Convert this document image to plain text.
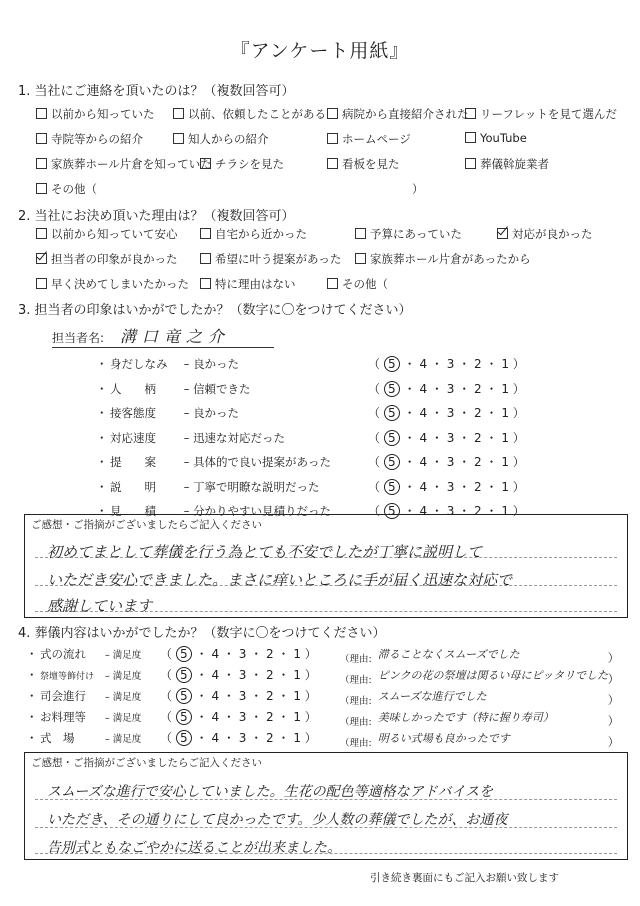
『アンケート用紙』
1. 当社にご連絡を頂いたのは？（複数回答可）
以前から知っていた	以前、依頼したことがある	病院から直接紹介された	リーフレットを見て選んだ
寺院等からの紹介	知人からの紹介	ホームページ	YouTube
家族葬ホール片倉を知っていた チラシを見た	看板を見た	葬儀斡旋業者
その他（	）
2. 当社にお決め頂いた理由は？（複数回答可）
以前から知っていて安心	自宅から近かった	予算にあっていた	対応が良かった
担当者の印象が良かった	希望に叶う提案があった	家族葬ホール片倉があったから
早く決めてしまいたかった	特に理由はない	その他（
3. 担当者の印象はいかがでしたか？（数字に〇をつけてください）
担当者名: 溝口竜之介
・ 身だしなみ – 良かった	（ 5 ・ 4 ・ 3 ・ 2 ・ 1 ）
・ 人　　柄 – 信頼できた	（ 5 ・ 4 ・ 3 ・ 2 ・ 1 ）
・ 接客態度 – 良かった	（ 5 ・ 4 ・ 3 ・ 2 ・ 1 ）
・ 対応速度 – 迅速な対応だった	（ 5 ・ 4 ・ 3 ・ 2 ・ 1 ）
・ 提　　案 – 具体的で良い提案があった	（ 5 ・ 4 ・ 3 ・ 2 ・ 1 ）
・ 説　　明 – 丁寧で明瞭な説明だった	（ 5 ・ 4 ・ 3 ・ 2 ・ 1 ）
・ 見　　積 – 分かりやすい見積りだった	（ 5 ・ 4 ・ 3 ・ 2 ・ 1 ）
ご感想・ご指摘がございましたらご記入ください
初めてまとして葬儀を行う為とても不安でしたが丁寧に説明して
いただき安心できました。まさに痒いところに手が届く迅速な対応で
感謝しています
4. 葬儀内容はいかがでしたか？（数字に〇をつけてください）
・ 式の流れ – 満足度 （ 5 ・ 4 ・ 3 ・ 2 ・ 1 ） （理由: 滞ることなくスムーズでした	）
・ 祭壇等飾付け – 満足度 （ 5 ・ 4 ・ 3 ・ 2 ・ 1 ） （理由: ピンクの花の祭壇は関るい母にピッタリでした）
・ 司会進行 – 満足度 （ 5 ・ 4 ・ 3 ・ 2 ・ 1 ） （理由: スムーズな進行でした	）
・ お料理等 – 満足度 （ 5 ・ 4 ・ 3 ・ 2 ・ 1 ） （理由: 美味しかったです（特に握り寿司）	）
・ 式　場	– 満足度 （ 5 ・ 4 ・ 3 ・ 2 ・ 1 ） （理由: 明るい式場も良かったです	）
ご感想・ご指摘がございましたらご記入ください
スムーズな進行で安心していました。生花の配色等適格なアドバイスを
いただき、その通りにして良かったです。少人数の葬儀でしたが、お通夜
告別式ともなごやかに送ることが出来ました。
引き続き裏面にもご記入お願い致します
